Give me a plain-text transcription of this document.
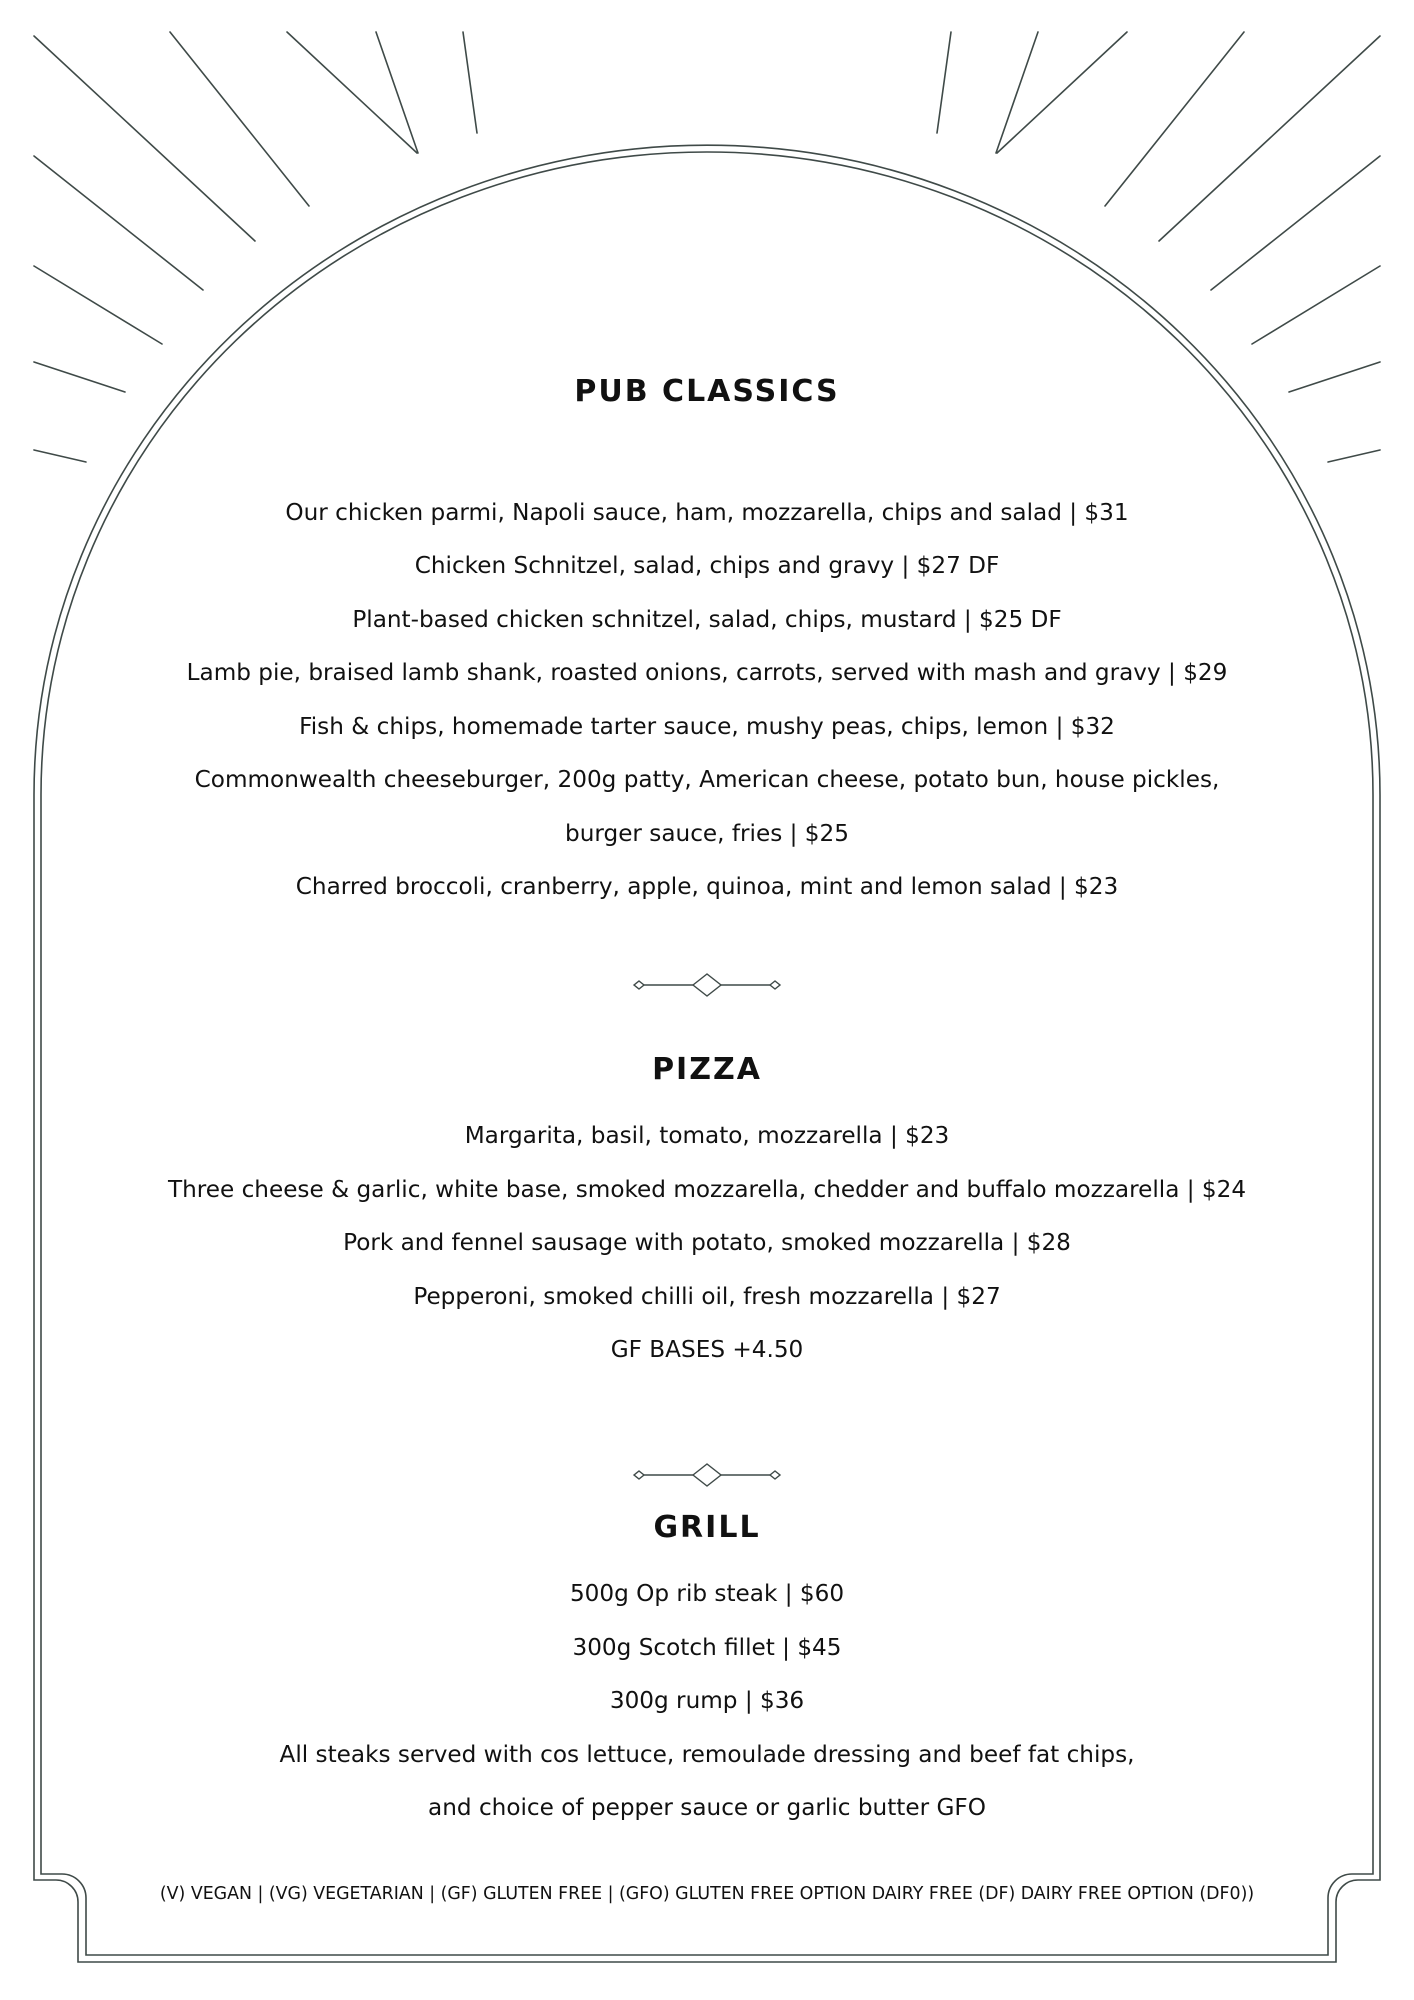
PUB CLASSICS

Our chicken parmi, Napoli sauce, ham, mozzarella, chips and salad | $31

Chicken Schnitzel, salad, chips and gravy | $27 DF

Plant-based chicken schnitzel, salad, chips, mustard | $25 DF

Lamb pie, braised lamb shank, roasted onions, carrots, served with mash and gravy | $29

Fish & chips, homemade tarter sauce, mushy peas, chips, lemon | $32

Commonwealth cheeseburger, 200g patty, American cheese, potato bun, house pickles,

burger sauce, fries | $25

Charred broccoli, cranberry, apple, quinoa, mint and lemon salad | $23

PIZZA

Margarita, basil, tomato, mozzarella | $23

Three cheese & garlic, white base, smoked mozzarella, chedder and buffalo mozzarella | $24

Pork and fennel sausage with potato, smoked mozzarella | $28

Pepperoni, smoked chilli oil, fresh mozzarella | $27

GF BASES +4.50

GRILL

500g Op rib steak | $60

300g Scotch fillet | $45

300g rump | $36

All steaks served with cos lettuce, remoulade dressing and beef fat chips,

and choice of pepper sauce or garlic butter GFO

(V) VEGAN | (VG) VEGETARIAN | (GF) GLUTEN FREE | (GFO) GLUTEN FREE OPTION DAIRY FREE (DF) DAIRY FREE OPTION (DF0))
